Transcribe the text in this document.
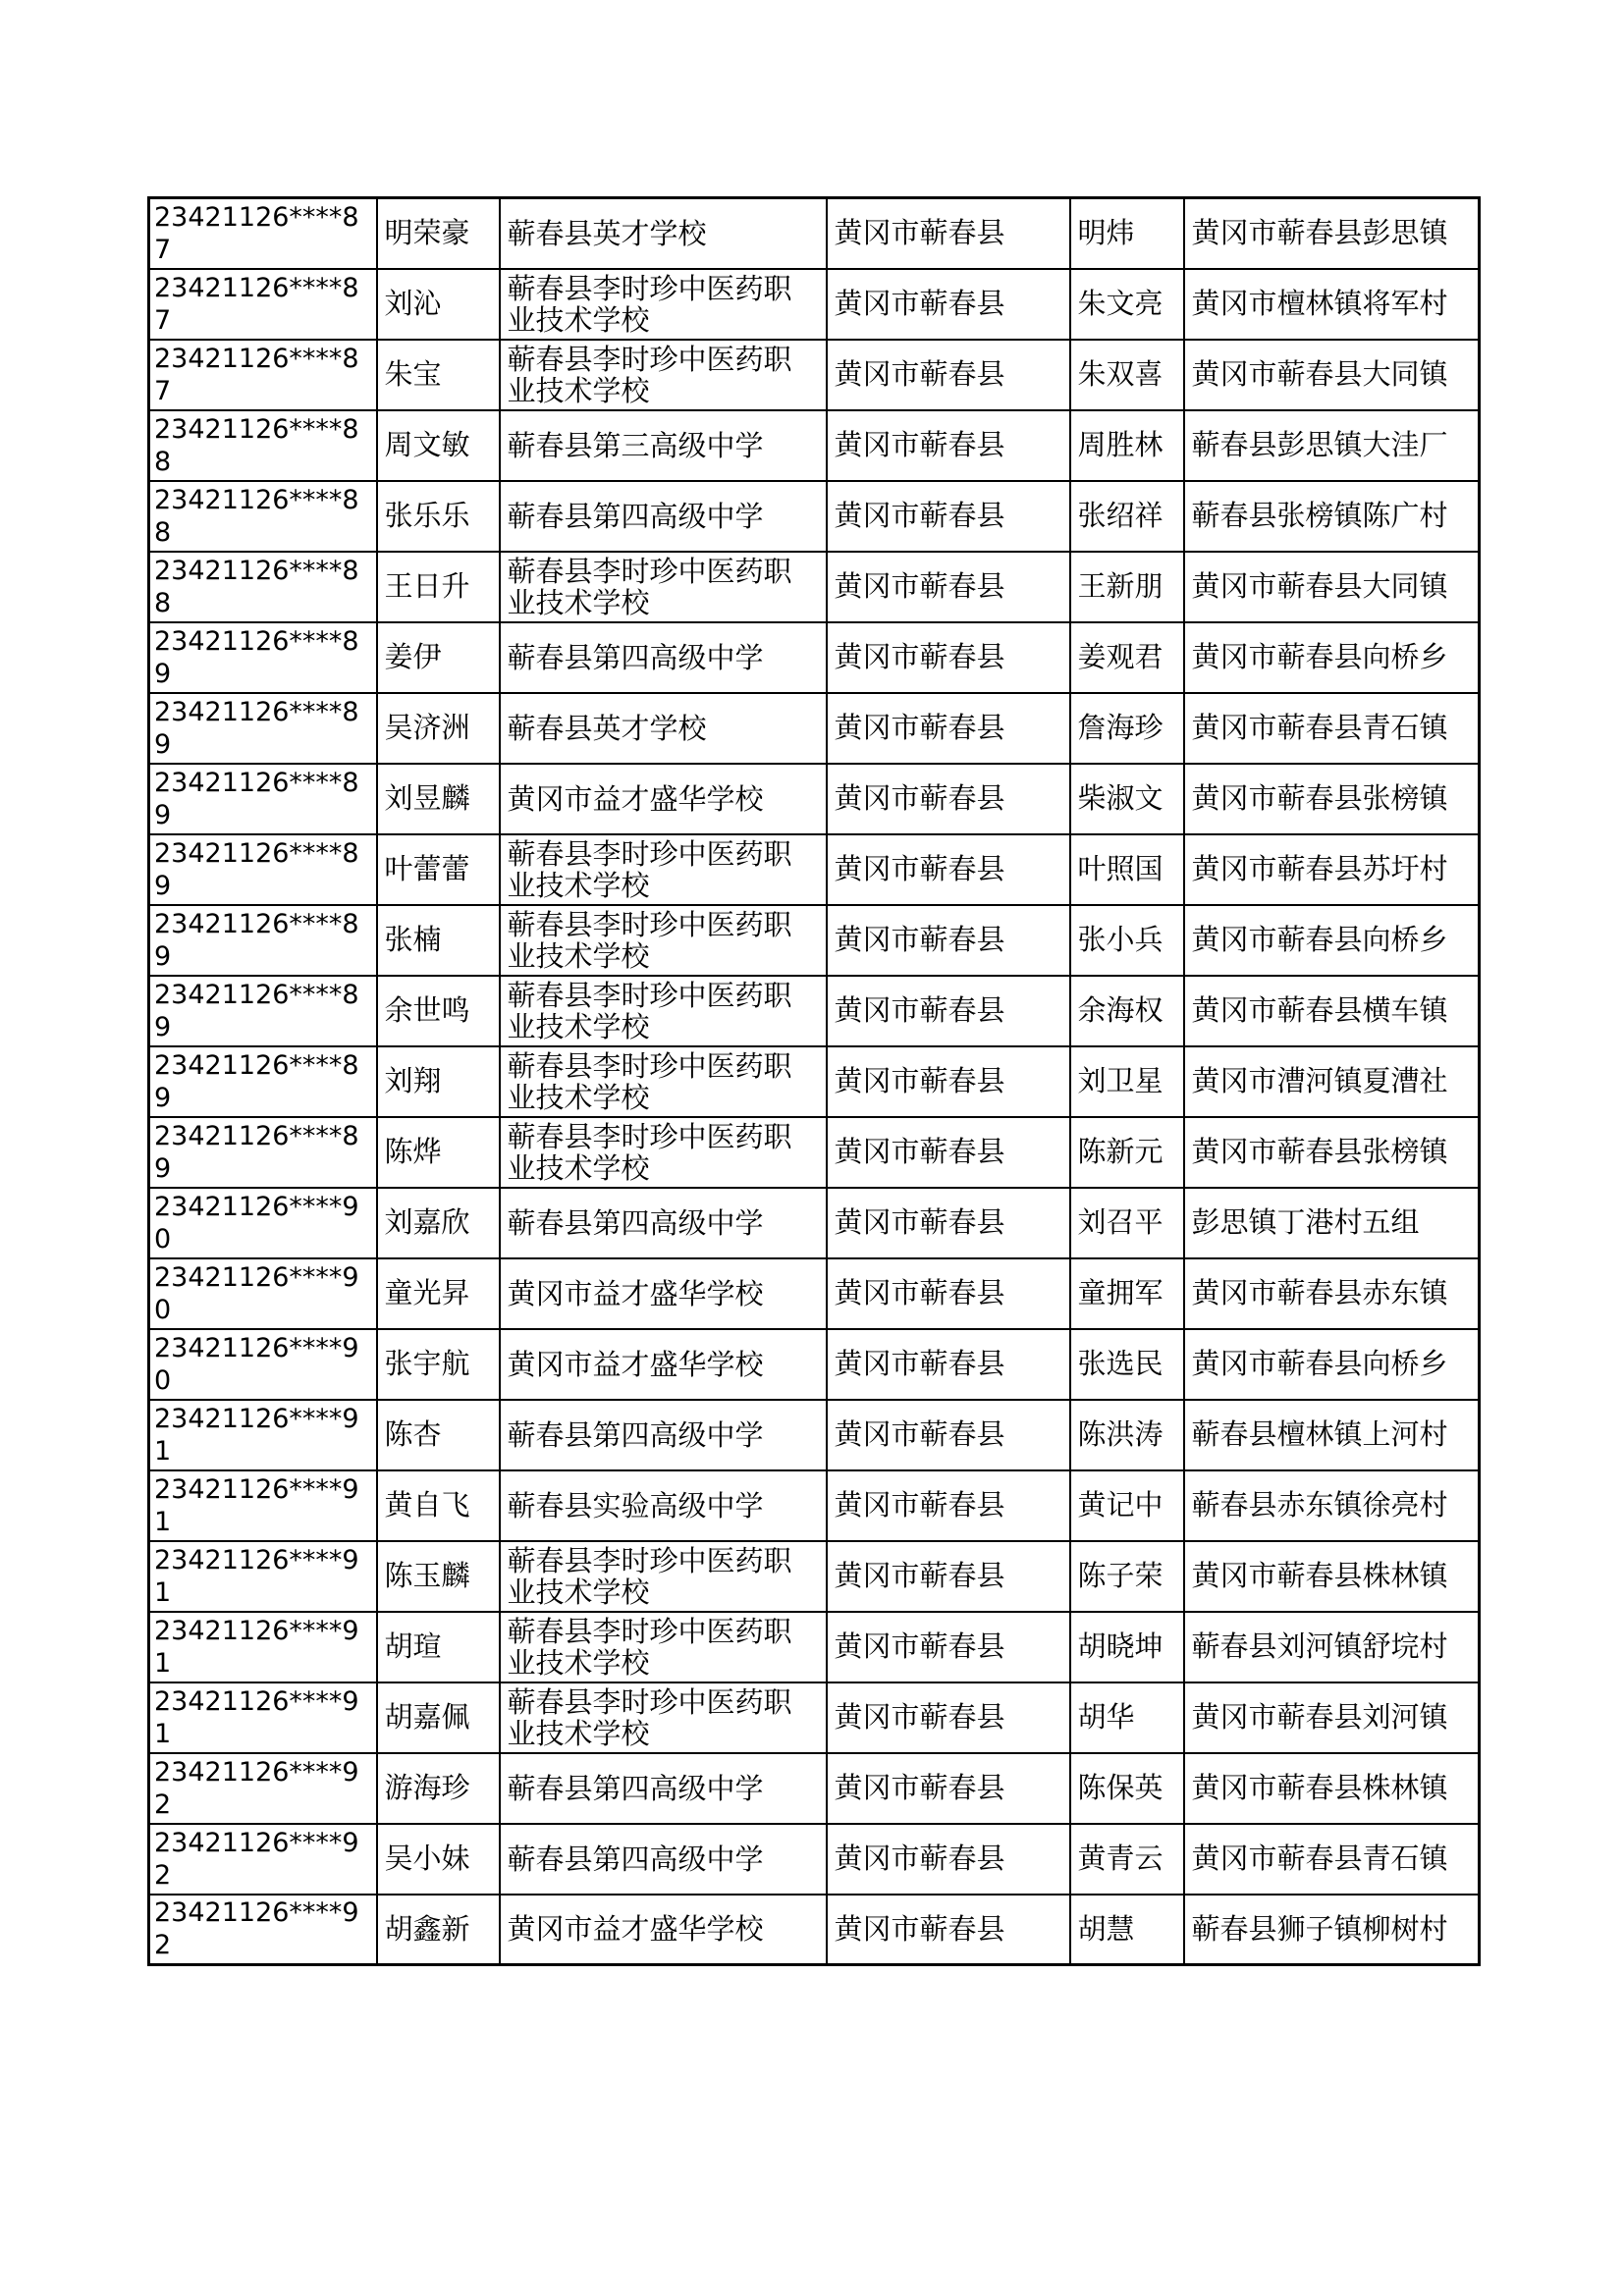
23421126****87	明荣豪	蕲春县英才学校	黄冈市蕲春县	明炜	黄冈市蕲春县彭思镇
23421126****87	刘沁	蕲春县李时珍中医药职业技术学校	黄冈市蕲春县	朱文亮	黄冈市檀林镇将军村
23421126****87	朱宝	蕲春县李时珍中医药职业技术学校	黄冈市蕲春县	朱双喜	黄冈市蕲春县大同镇
23421126****88	周文敏	蕲春县第三高级中学	黄冈市蕲春县	周胜林	蕲春县彭思镇大洼厂
23421126****88	张乐乐	蕲春县第四高级中学	黄冈市蕲春县	张绍祥	蕲春县张榜镇陈广村
23421126****88	王日升	蕲春县李时珍中医药职业技术学校	黄冈市蕲春县	王新朋	黄冈市蕲春县大同镇
23421126****89	姜伊	蕲春县第四高级中学	黄冈市蕲春县	姜观君	黄冈市蕲春县向桥乡
23421126****89	吴济洲	蕲春县英才学校	黄冈市蕲春县	詹海珍	黄冈市蕲春县青石镇
23421126****89	刘昱麟	黄冈市益才盛华学校	黄冈市蕲春县	柴淑文	黄冈市蕲春县张榜镇
23421126****89	叶蕾蕾	蕲春县李时珍中医药职业技术学校	黄冈市蕲春县	叶照国	黄冈市蕲春县苏圩村
23421126****89	张楠	蕲春县李时珍中医药职业技术学校	黄冈市蕲春县	张小兵	黄冈市蕲春县向桥乡
23421126****89	余世鸣	蕲春县李时珍中医药职业技术学校	黄冈市蕲春县	余海权	黄冈市蕲春县横车镇
23421126****89	刘翔	蕲春县李时珍中医药职业技术学校	黄冈市蕲春县	刘卫星	黄冈市漕河镇夏漕社
23421126****89	陈烨	蕲春县李时珍中医药职业技术学校	黄冈市蕲春县	陈新元	黄冈市蕲春县张榜镇
23421126****90	刘嘉欣	蕲春县第四高级中学	黄冈市蕲春县	刘召平	彭思镇丁港村五组
23421126****90	童光昇	黄冈市益才盛华学校	黄冈市蕲春县	童拥军	黄冈市蕲春县赤东镇
23421126****90	张宇航	黄冈市益才盛华学校	黄冈市蕲春县	张选民	黄冈市蕲春县向桥乡
23421126****91	陈杏	蕲春县第四高级中学	黄冈市蕲春县	陈洪涛	蕲春县檀林镇上河村
23421126****91	黄自飞	蕲春县实验高级中学	黄冈市蕲春县	黄记中	蕲春县赤东镇徐亮村
23421126****91	陈玉麟	蕲春县李时珍中医药职业技术学校	黄冈市蕲春县	陈子荣	黄冈市蕲春县株林镇
23421126****91	胡瑄	蕲春县李时珍中医药职业技术学校	黄冈市蕲春县	胡晓坤	蕲春县刘河镇舒垸村
23421126****91	胡嘉佩	蕲春县李时珍中医药职业技术学校	黄冈市蕲春县	胡华	黄冈市蕲春县刘河镇
23421126****92	游海珍	蕲春县第四高级中学	黄冈市蕲春县	陈保英	黄冈市蕲春县株林镇
23421126****92	吴小妹	蕲春县第四高级中学	黄冈市蕲春县	黄青云	黄冈市蕲春县青石镇
23421126****92	胡鑫新	黄冈市益才盛华学校	黄冈市蕲春县	胡慧	蕲春县狮子镇柳树村
